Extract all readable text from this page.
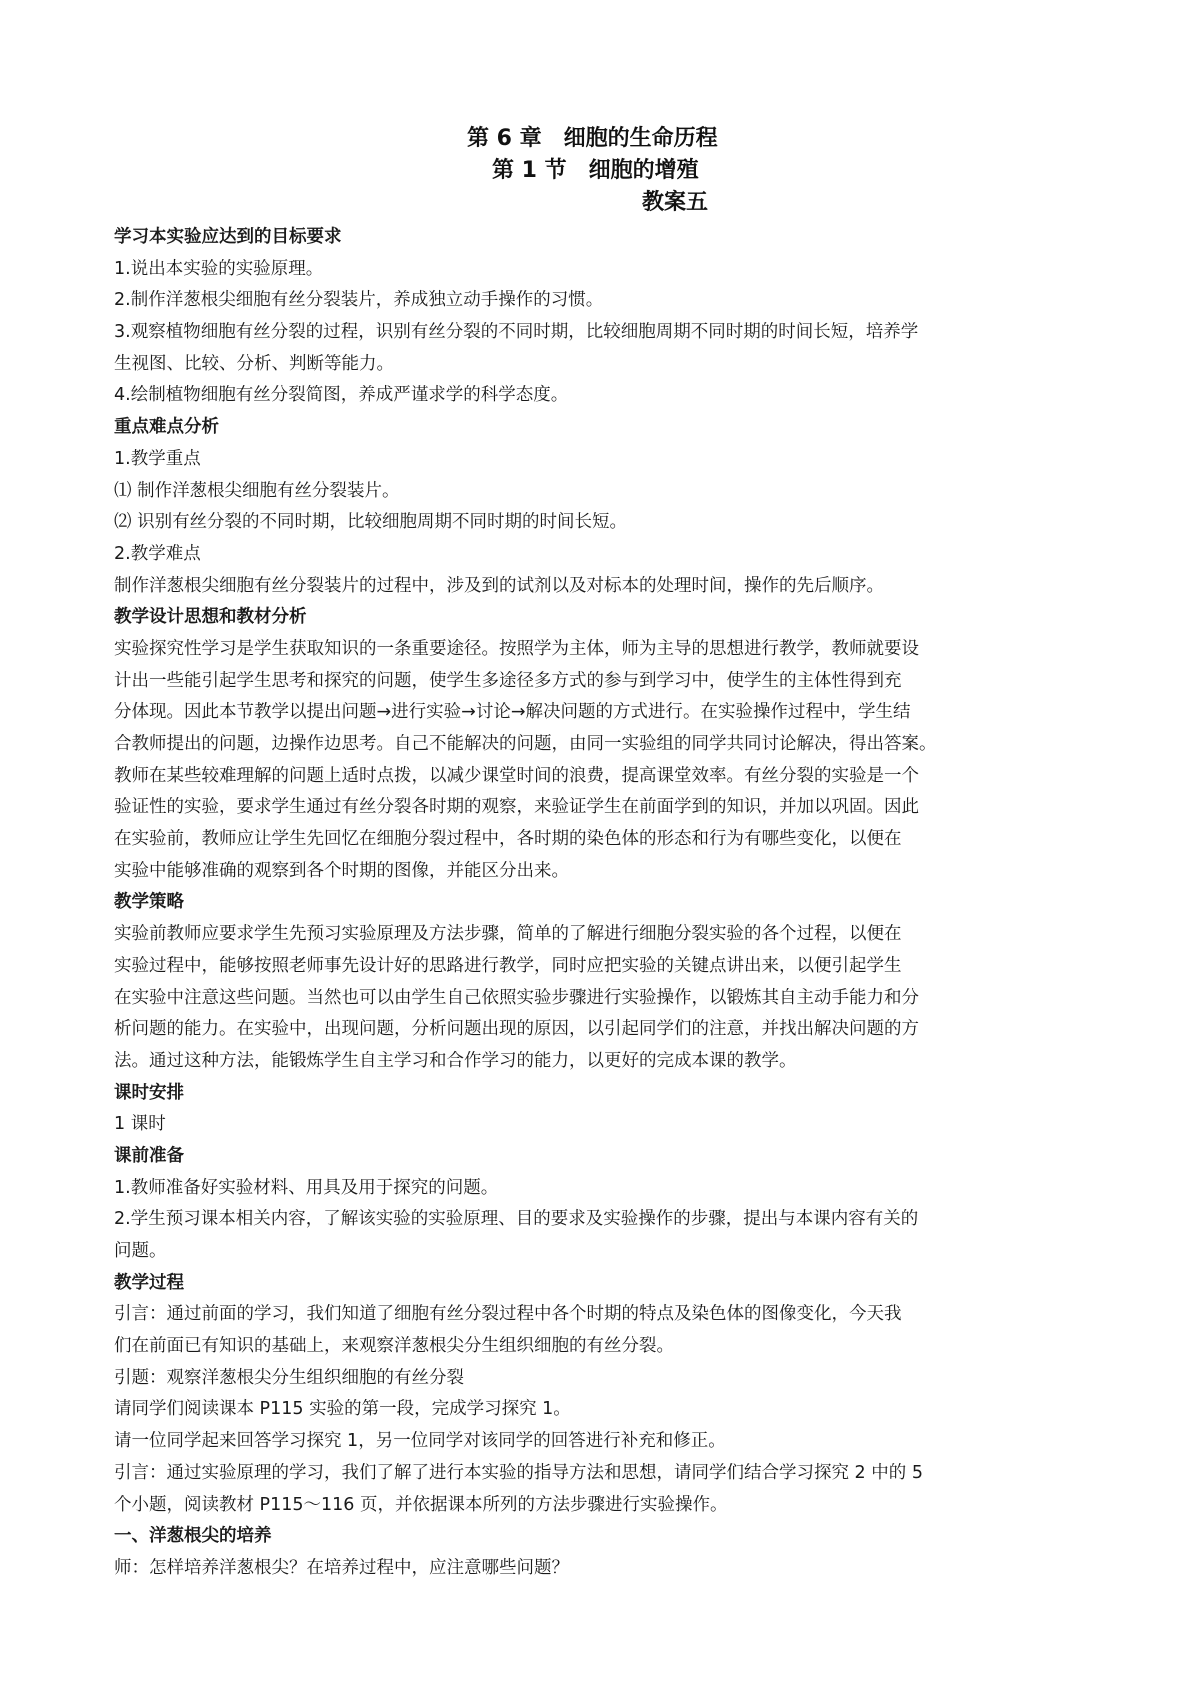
第 6 章　细胞的生命历程
第 1 节　细胞的增殖
教案五
学习本实验应达到的目标要求
1.说出本实验的实验原理。
2.制作洋葱根尖细胞有丝分裂装片，养成独立动手操作的习惯。
3.观察植物细胞有丝分裂的过程，识别有丝分裂的不同时期，比较细胞周期不同时期的时间长短，培养学
生视图、比较、分析、判断等能力。
4.绘制植物细胞有丝分裂简图，养成严谨求学的科学态度。
重点难点分析
1.教学重点
⑴ 制作洋葱根尖细胞有丝分裂装片。
⑵ 识别有丝分裂的不同时期，比较细胞周期不同时期的时间长短。
2.教学难点
制作洋葱根尖细胞有丝分裂装片的过程中，涉及到的试剂以及对标本的处理时间，操作的先后顺序。
教学设计思想和教材分析
实验探究性学习是学生获取知识的一条重要途径。按照学为主体，师为主导的思想进行教学，教师就要设
计出一些能引起学生思考和探究的问题，使学生多途径多方式的参与到学习中，使学生的主体性得到充
分体现。因此本节教学以提出问题→进行实验→讨论→解决问题的方式进行。在实验操作过程中，学生结
合教师提出的问题，边操作边思考。自己不能解决的问题，由同一实验组的同学共同讨论解决，得出答案。
教师在某些较难理解的问题上适时点拨，以减少课堂时间的浪费，提高课堂效率。有丝分裂的实验是一个
验证性的实验，要求学生通过有丝分裂各时期的观察，来验证学生在前面学到的知识，并加以巩固。因此
在实验前，教师应让学生先回忆在细胞分裂过程中，各时期的染色体的形态和行为有哪些变化，以便在
实验中能够准确的观察到各个时期的图像，并能区分出来。
教学策略
实验前教师应要求学生先预习实验原理及方法步骤，简单的了解进行细胞分裂实验的各个过程，以便在
实验过程中，能够按照老师事先设计好的思路进行教学，同时应把实验的关键点讲出来，以便引起学生
在实验中注意这些问题。当然也可以由学生自己依照实验步骤进行实验操作，以锻炼其自主动手能力和分
析问题的能力。在实验中，出现问题，分析问题出现的原因，以引起同学们的注意，并找出解决问题的方
法。通过这种方法，能锻炼学生自主学习和合作学习的能力，以更好的完成本课的教学。
课时安排
1 课时
课前准备
1.教师准备好实验材料、用具及用于探究的问题。
2.学生预习课本相关内容，了解该实验的实验原理、目的要求及实验操作的步骤，提出与本课内容有关的
问题。
教学过程
引言：通过前面的学习，我们知道了细胞有丝分裂过程中各个时期的特点及染色体的图像变化，今天我
们在前面已有知识的基础上，来观察洋葱根尖分生组织细胞的有丝分裂。
引题：观察洋葱根尖分生组织细胞的有丝分裂
请同学们阅读课本 P115 实验的第一段，完成学习探究 1。
请一位同学起来回答学习探究 1，另一位同学对该同学的回答进行补充和修正。
引言：通过实验原理的学习，我们了解了进行本实验的指导方法和思想，请同学们结合学习探究 2 中的 5
个小题，阅读教材 P115～116 页，并依据课本所列的方法步骤进行实验操作。
一、洋葱根尖的培养
师：怎样培养洋葱根尖？在培养过程中，应注意哪些问题？
